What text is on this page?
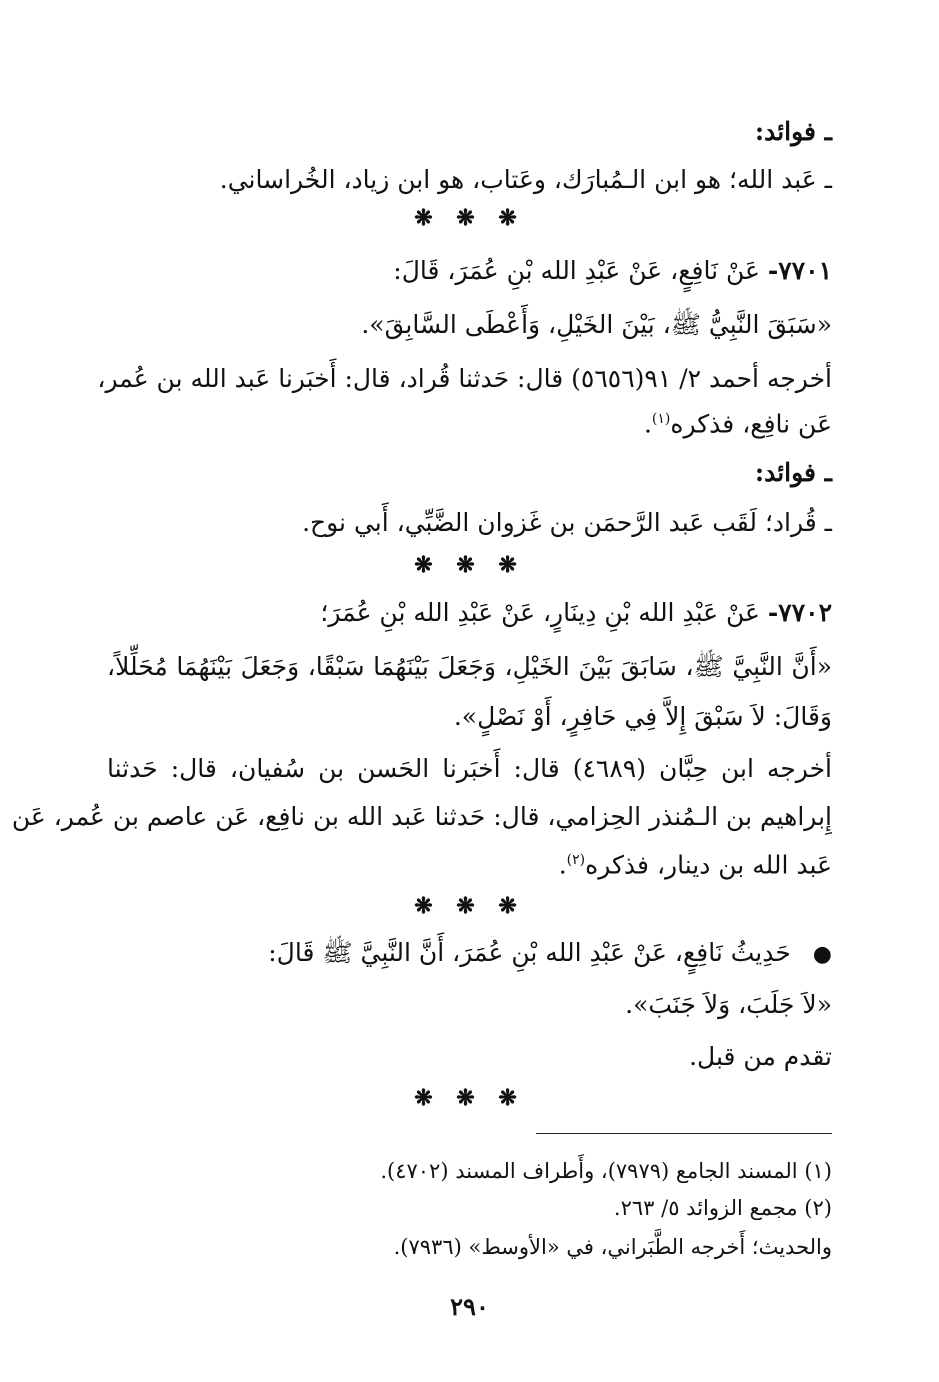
ـ فوائد:
ـ عَبد الله؛ هو ابن الـمُبارَك، وعَتاب، هو ابن زياد، الخُراساني.
❋ ❋ ❋
٧٧٠١- عَنْ نَافِعٍ، عَنْ عَبْدِ الله بْنِ عُمَرَ، قَالَ:
«سَبَقَ النَّبِيُّ ﷺ، بَيْنَ الخَيْلِ، وَأَعْطَى السَّابِقَ».
أخرجه أحمد ٢/ ٩١(٥٦٥٦) قال: حَدثنا قُراد، قال: أَخبَرنا عَبد الله بن عُمر،
عَن نافِع، فذكره$^{(١)}$.
ـ فوائد:
ـ قُراد؛ لَقَب عَبد الرَّحمَن بن غَزوان الضَّبِّي، أَبي نوح.
❋ ❋ ❋
٧٧٠٢- عَنْ عَبْدِ الله بْنِ دِينَارٍ، عَنْ عَبْدِ الله بْنِ عُمَرَ؛
«أَنَّ النَّبِيَّ ﷺ، سَابَقَ بَيْنَ الخَيْلِ، وَجَعَلَ بَيْنَهُمَا سَبْقًا، وَجَعَلَ بَيْنَهُمَا مُحَلِّلاً،
وَقَالَ: لاَ سَبْقَ إِلاَّ فِي حَافِرٍ، أَوْ نَصْلٍ».
أخرجه ابن حِبَّان (٤٦٨٩) قال: أَخبَرنا الحَسن بن سُفيان، قال: حَدثنا
إِبراهيم بن الـمُنذر الحِزامي، قال: حَدثنا عَبد الله بن نافِع، عَن عاصم بن عُمر، عَن
عَبد الله بن دينار، فذكره$^{(٢)}$.
❋ ❋ ❋
● حَدِيثُ نَافِعٍ، عَنْ عَبْدِ الله بْنِ عُمَرَ، أَنَّ النَّبِيَّ ﷺ قَالَ:
«لاَ جَلَبَ، وَلاَ جَنَبَ».
تقدم من قبل.
❋ ❋ ❋
(١) المسند الجامع (٧٩٧٩)، وأَطراف المسند (٤٧٠٢).
(٢) مجمع الزوائد ٥/ ٢٦٣.
والحديث؛ أَخرجه الطَّبَراني، في «الأوسط» (٧٩٣٦).
٢٩٠
